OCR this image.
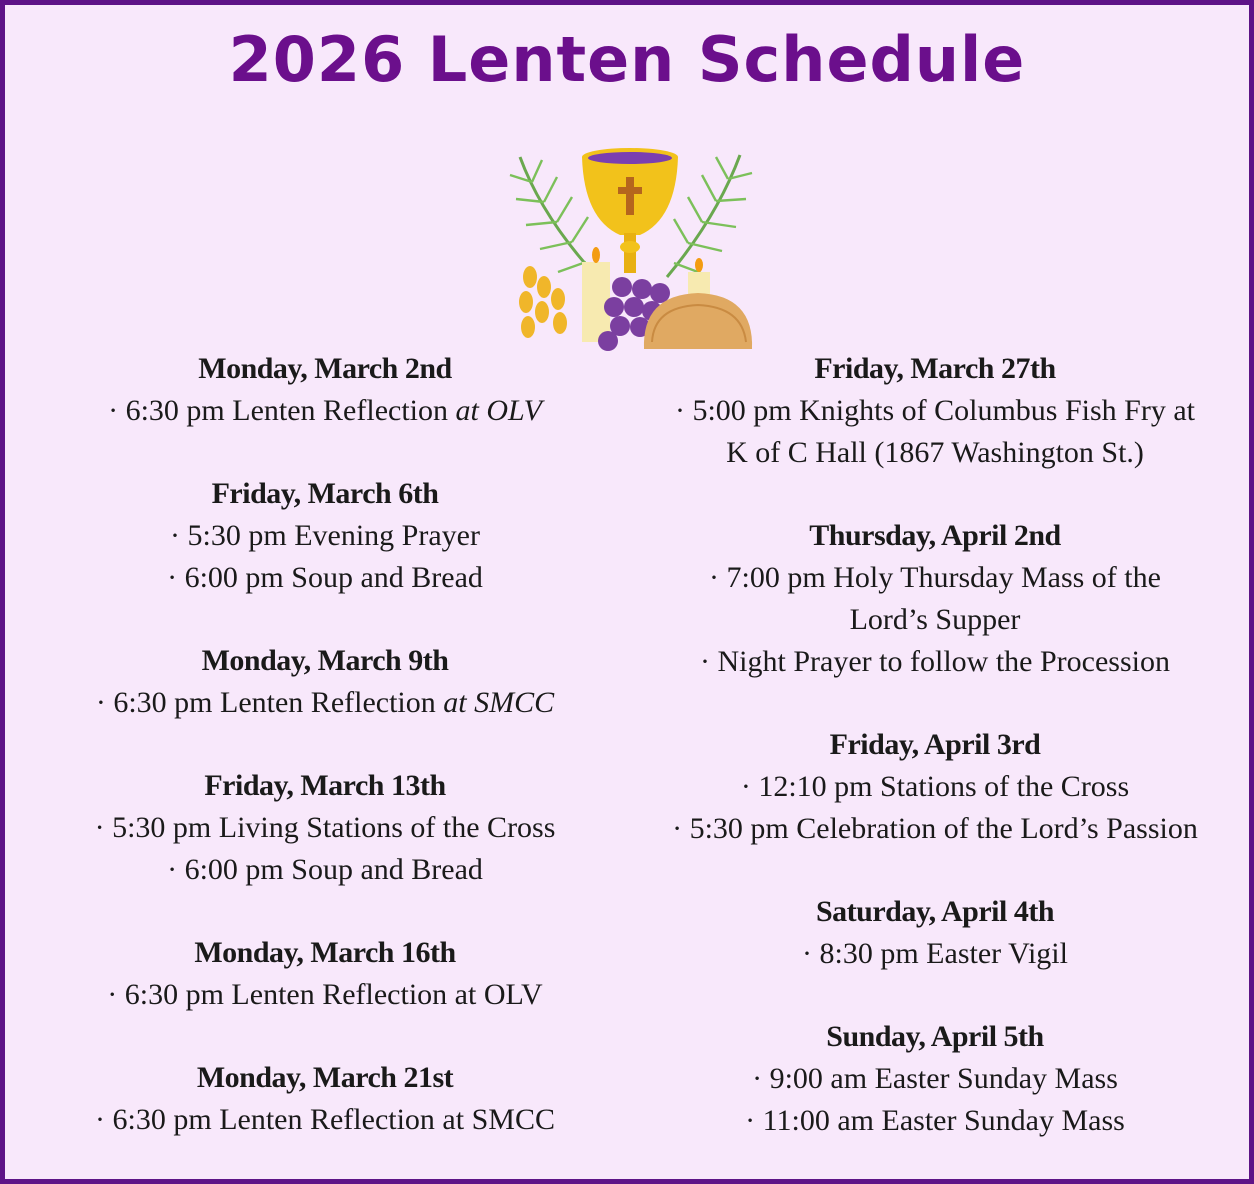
2026 Lenten Schedule
Monday, March 2nd
· 6:30 pm Lenten Reflection at OLV
Friday, March 6th
· 5:30 pm Evening Prayer
· 6:00 pm Soup and Bread
Monday, March 9th
· 6:30 pm Lenten Reflection at SMCC
Friday, March 13th
· 5:30 pm Living Stations of the Cross
· 6:00 pm Soup and Bread
Monday, March 16th
· 6:30 pm Lenten Reflection at OLV
Monday, March 21st
· 6:30 pm Lenten Reflection at SMCC
Friday, March 27th
· 5:00 pm Knights of Columbus Fish Fry at
K of C Hall (1867 Washington St.)
Thursday, April 2nd
· 7:00 pm Holy Thursday Mass of the
Lord’s Supper
· Night Prayer to follow the Procession
Friday, April 3rd
· 12:10 pm Stations of the Cross
· 5:30 pm Celebration of the Lord’s Passion
Saturday, April 4th
· 8:30 pm Easter Vigil
Sunday, April 5th
· 9:00 am Easter Sunday Mass
· 11:00 am Easter Sunday Mass
